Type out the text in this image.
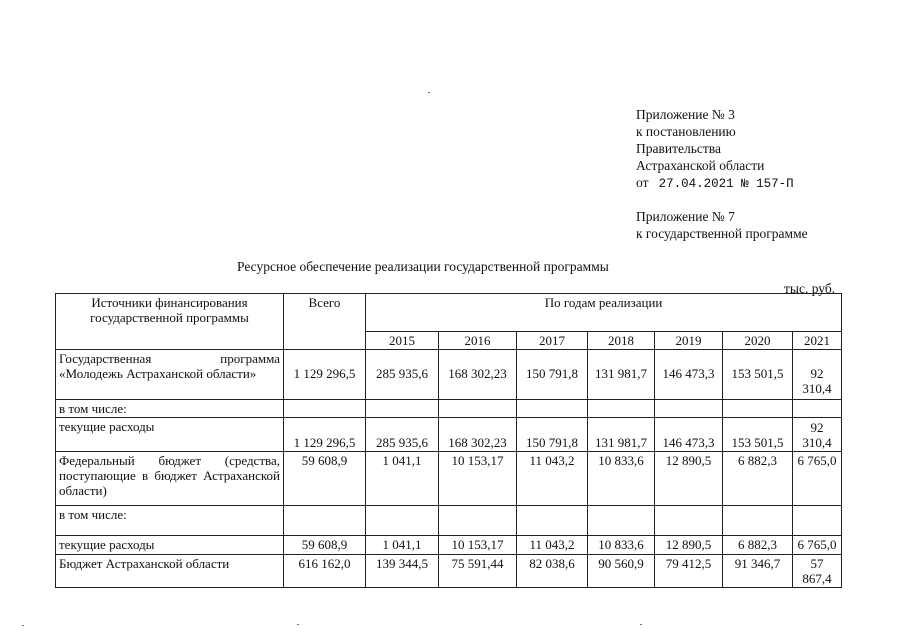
Приложение № 3
к постановлению
Правительства
Астраханской области
от 27.04.2021 № 157-П
Приложение № 7
к государственной программе
Ресурсное обеспечение реализации государственной программы
тыс. руб.
Источники финансирования государственной программы	Всего	По годам реализации						
		2015	2016	2017	2018	2019	2020	2021
Государственная программа «Молодежь Астраханской области»	1 129 296,5	285 935,6	168 302,23	150 791,8	131 981,7	146 473,3	153 501,5	92 310,4
в том числе:								
текущие расходы	1 129 296,5	285 935,6	168 302,23	150 791,8	131 981,7	146 473,3	153 501,5	92 310,4
Федеральный бюджет (средства, поступающие в бюджет Астраханской области)	59 608,9	1 041,1	10 153,17	11 043,2	10 833,6	12 890,5	6 882,3	6 765,0
в том числе:								
текущие расходы	59 608,9	1 041,1	10 153,17	11 043,2	10 833,6	12 890,5	6 882,3	6 765,0
Бюджет Астраханской области	616 162,0	139 344,5	75 591,44	82 038,6	90 560,9	79 412,5	91 346,7	57 867,4
